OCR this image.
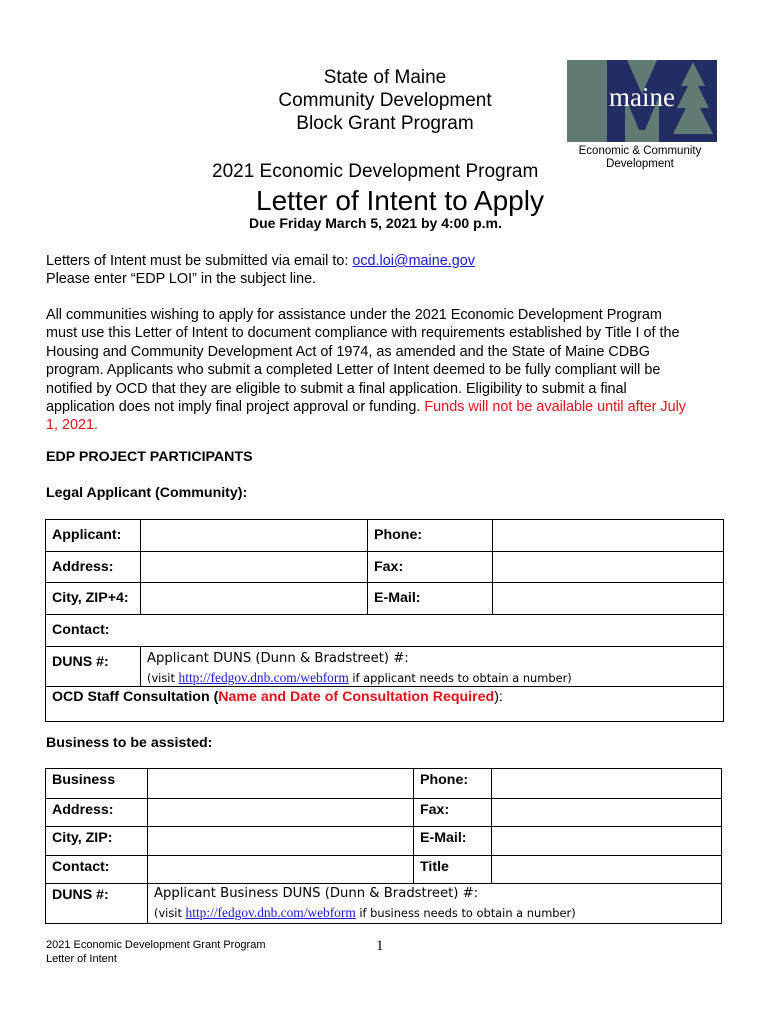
State of Maine
Community Development
Block Grant Program
2021 Economic Development Program
Letter of Intent to Apply
Due Friday March 5, 2021 by 4:00 p.m.
maine
Economic & Community
Development
Letters of Intent must be submitted via email to: ocd.loi@maine.gov
Please enter “EDP LOI” in the subject line.
All communities wishing to apply for assistance under the 2021 Economic Development Program
must use this Letter of Intent to document compliance with requirements established by Title I of the
Housing and Community Development Act of 1974, as amended and the State of Maine CDBG
program. Applicants who submit a completed Letter of Intent deemed to be fully compliant will be
notified by OCD that they are eligible to submit a final application. Eligibility to submit a final
application does not imply final project approval or funding. Funds will not be available until after July
1, 2021.
EDP PROJECT PARTICIPANTS
Legal Applicant (Community):
Applicant:		Phone:	
Address:		Fax:	
City, ZIP+4:		E-Mail:	
Contact:			
DUNS #:	Applicant DUNS (Dunn & Bradstreet) #:
(visit http://fedgov.dnb.com/webform if applicant needs to obtain a number)		

OCD Staff Consultation (Name and Date of Consultation Required):			
Business to be assisted:
Business		Phone:	
Address:		Fax:	
City, ZIP:		E-Mail:	
Contact:		Title	
DUNS #:	Applicant Business DUNS (Dunn & Bradstreet) #:
(visit http://fedgov.dnb.com/webform if business needs to obtain a number)		
2021 Economic Development Grant Program
Letter of Intent
1
